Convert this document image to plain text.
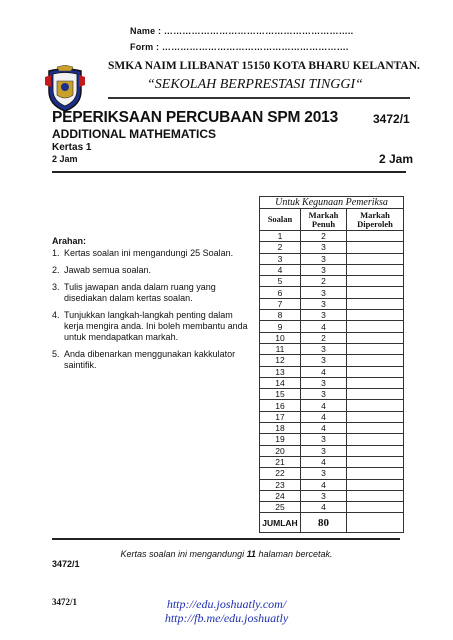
Name : ……………………………………………………..
Form : …………………………………………………….
SMKA NAIM LILBANAT 15150 KOTA BHARU KELANTAN.
“SEKOLAH BERPRESTASI TINGGI“
PEPERIKSAAN PERCUBAAN SPM 2013	3472/1
ADDITIONAL MATHEMATICS
Kertas 1
2 Jam	2 Jam
Arahan:
1. Kertas soalan ini mengandungi 25 Soalan.
2. Jawab semua soalan.
3. Tulis jawapan anda dalam ruang yang disediakan dalam kertas soalan.
4. Tunjukkan langkah-langkah penting dalam kerja mengira anda. Ini boleh membantu anda untuk mendapatkan markah.
5. Anda dibenarkan menggunakan kakkulator saintifik.
Untuk Kegunaan Pemeriksa		
Soalan	Markah Penuh	Markah Diperoleh
1	2	
2	3	
3	3	
4	3	
5	2	
6	3	
7	3	
8	3	
9	4	
10	2	
11	3	
12	3	
13	4	
14	3	
15	3	
16	4	
17	4	
18	4	
19	3	
20	3	
21	4	
22	3	
23	4	
24	3	
25	4	
JUMLAH	80	
Kertas soalan ini mengandungi 11 halaman bercetak.
3472/1
3472/1	http://edu.joshuatly.com/
http://fb.me/edu.joshuatly
